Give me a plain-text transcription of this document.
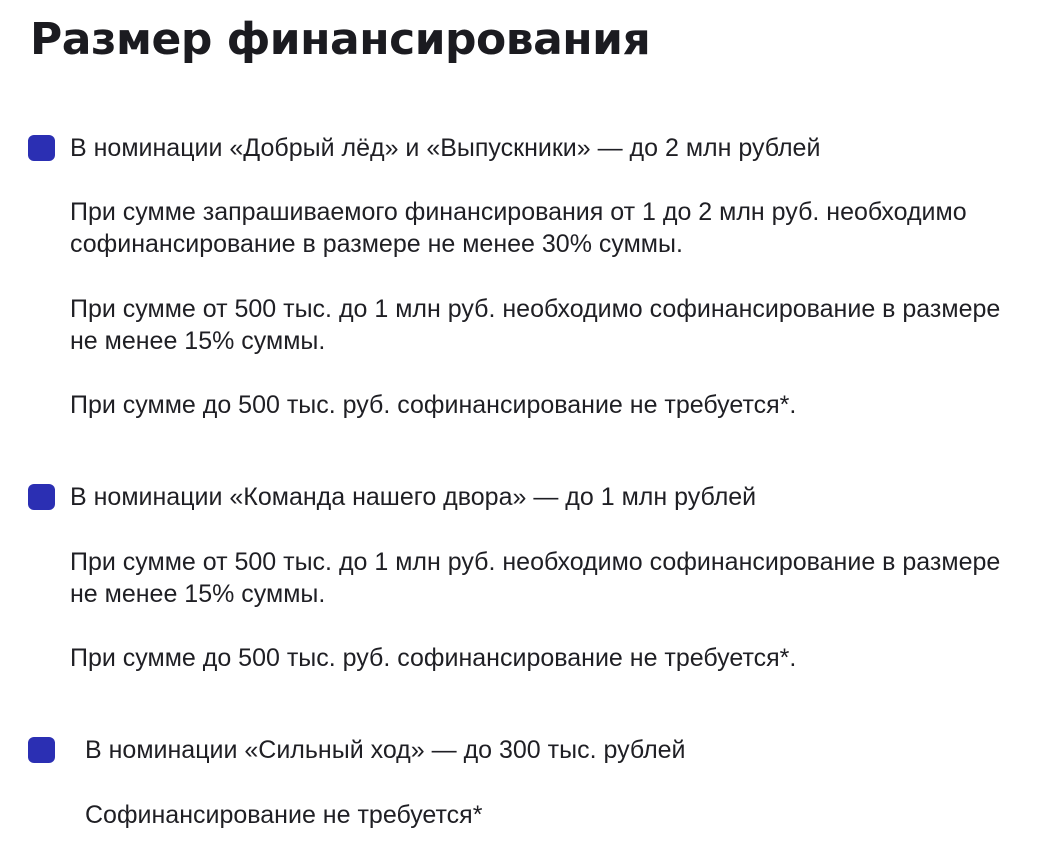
Размер финансирования
В номинации «Добрый лёд» и «Выпускники» — до 2 млн рублей

При сумме запрашиваемого финансирования от 1 до 2 млн руб. необходимо софинансирование в размере не менее 30% суммы.

При сумме от 500 тыс. до 1 млн руб. необходимо софинансирование в размере не менее 15% суммы.

При сумме до 500 тыс. руб. софинансирование не требуется*.

В номинации «Команда нашего двора» — до 1 млн рублей

При сумме от 500 тыс. до 1 млн руб. необходимо софинансирование в размере не менее 15% суммы.

При сумме до 500 тыс. руб. софинансирование не требуется*.

В номинации «Сильный ход» — до 300 тыс. рублей

Софинансирование не требуется*
